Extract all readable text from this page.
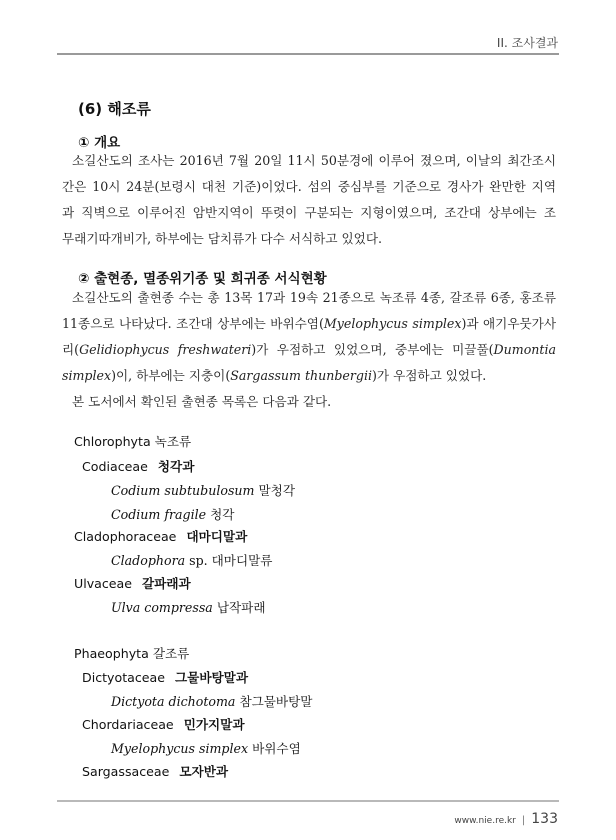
II. 조사결과
(6) 해조류
① 개요
소길산도의 조사는 2016년 7월 20일 11시 50분경에 이루어 졌으며, 이날의 최간조시
간은 10시 24분(보령시 대천 기준)이었다. 섬의 중심부를 기준으로 경사가 완만한 지역
과 직벽으로 이루어진 암반지역이 뚜렷이 구분되는 지형이였으며, 조간대 상부에는 조
무래기따개비가, 하부에는 담치류가 다수 서식하고 있었다.
② 출현종, 멸종위기종 및 희귀종 서식현황
소길산도의 출현종 수는 총 13목 17과 19속 21종으로 녹조류 4종, 갈조류 6종, 홍조류
11종으로 나타났다. 조간대 상부에는 바위수염(Myelophycus simplex)과 애기우뭇가사
리(Gelidiophycus freshwateri)가 우점하고 있었으며, 중부에는 미끌풀(Dumontia
simplex)이, 하부에는 지충이(Sargassum thunbergii)가 우점하고 있었다.
본 도서에서 확인된 출현종 목록은 다음과 같다.
Chlorophyta 녹조류
Codiaceae 청각과
Codium subtubulosum 말청각
Codium fragile 청각
Cladophoraceae 대마디말과
Cladophora sp. 대마디말류
Ulvaceae 갈파래과
Ulva compressa 납작파래
Phaeophyta 갈조류
Dictyotaceae 그물바탕말과
Dictyota dichotoma 참그물바탕말
Chordariaceae 민가지말과
Myelophycus simplex 바위수염
Sargassaceae 모자반과
www.nie.re.kr | 133
